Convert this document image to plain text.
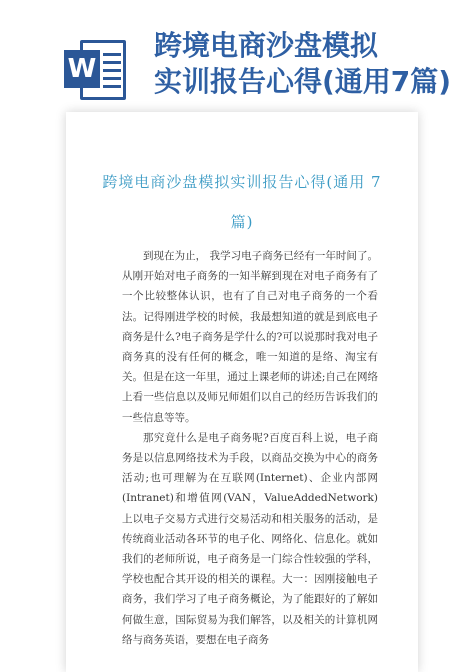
W
跨境电商沙盘模拟
实训报告心得(通用7篇)
跨境电商沙盘模拟实训报告心得(通用 7
篇)

到现在为止， 我学习电子商务已经有一年时间了。从刚开始对电子商务的一知半解到现在对电子商务有了一个比较整体认识，也有了自己对电子商务的一个看法。记得刚进学校的时候，我最想知道的就是到底电子商务是什么?电子商务是学什么的?可以说那时我对电子商务真的没有任何的概念，唯一知道的是络、淘宝有关。但是在这一年里，通过上课老师的讲述;自己在网络上看一些信息以及师兄师姐们以自己的经历告诉我们的一些信息等等。

那究竟什么是电子商务呢?百度百科上说，电子商务是以信息网络技术为手段，以商品交换为中心的商务活动;也可理解为在互联网(Internet)、企业内部网(Intranet)和增值网(VAN，ValueAddedNetwork)上以电子交易方式进行交易活动和相关服务的活动，是传统商业活动各环节的电子化、网络化、信息化。就如我们的老师所说，电子商务是一门综合性较强的学科，学校也配合其开设的相关的课程。大一：因刚接触电子商务，我们学习了电子商务概论，为了能跟好的了解如何做生意，国际贸易为我们解答，以及相关的计算机网络与商务英语，要想在电子商务
